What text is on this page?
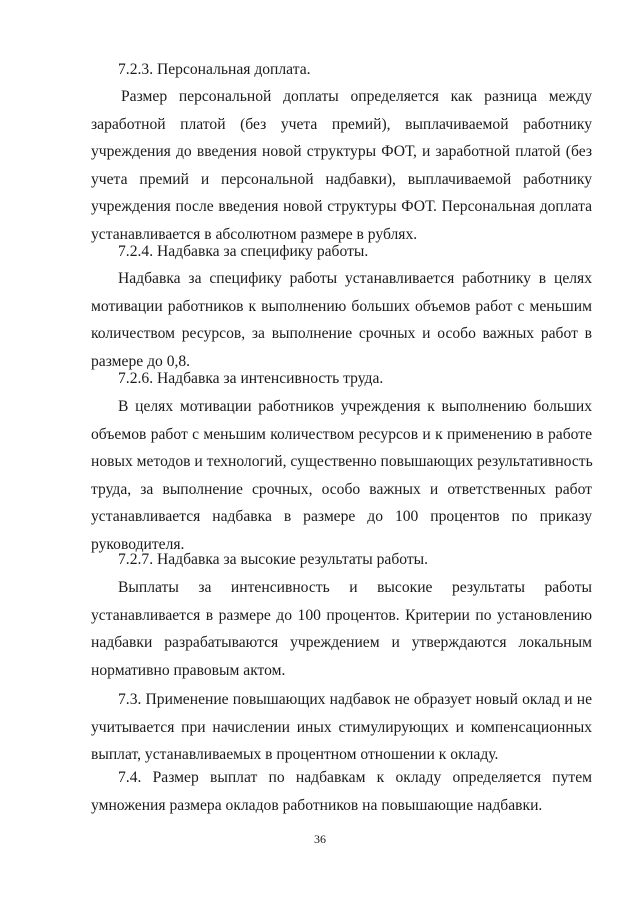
7.2.3. Персональная доплата.
Размер персональной доплаты определяется как разница между
заработной платой (без учета премий), выплачиваемой работнику
учреждения до введения новой структуры ФОТ, и заработной платой (без
учета премий и персональной надбавки), выплачиваемой работнику
учреждения после введения новой структуры ФОТ. Персональная доплата
устанавливается в абсолютном размере в рублях.
7.2.4. Надбавка за специфику работы.
Надбавка за специфику работы устанавливается работнику в целях
мотивации работников к выполнению больших объемов работ с меньшим
количеством ресурсов, за выполнение срочных и особо важных работ в
размере до 0,8.
7.2.6. Надбавка за интенсивность труда.
В целях мотивации работников учреждения к выполнению больших
объемов работ с меньшим количеством ресурсов и к применению в работе
новых методов и технологий, существенно повышающих результативность
труда, за выполнение срочных, особо важных и ответственных работ
устанавливается надбавка в размере до 100 процентов по приказу
руководителя.
7.2.7. Надбавка за высокие результаты работы.
Выплаты за интенсивность и высокие результаты работы
устанавливается в размере до 100 процентов. Критерии по установлению
надбавки разрабатываются учреждением и утверждаются локальным
нормативно правовым актом.
7.3. Применение повышающих надбавок не образует новый оклад и не
учитывается при начислении иных стимулирующих и компенсационных
выплат, устанавливаемых в процентном отношении к окладу.
7.4. Размер выплат по надбавкам к окладу определяется путем
умножения размера окладов работников на повышающие надбавки.
36
